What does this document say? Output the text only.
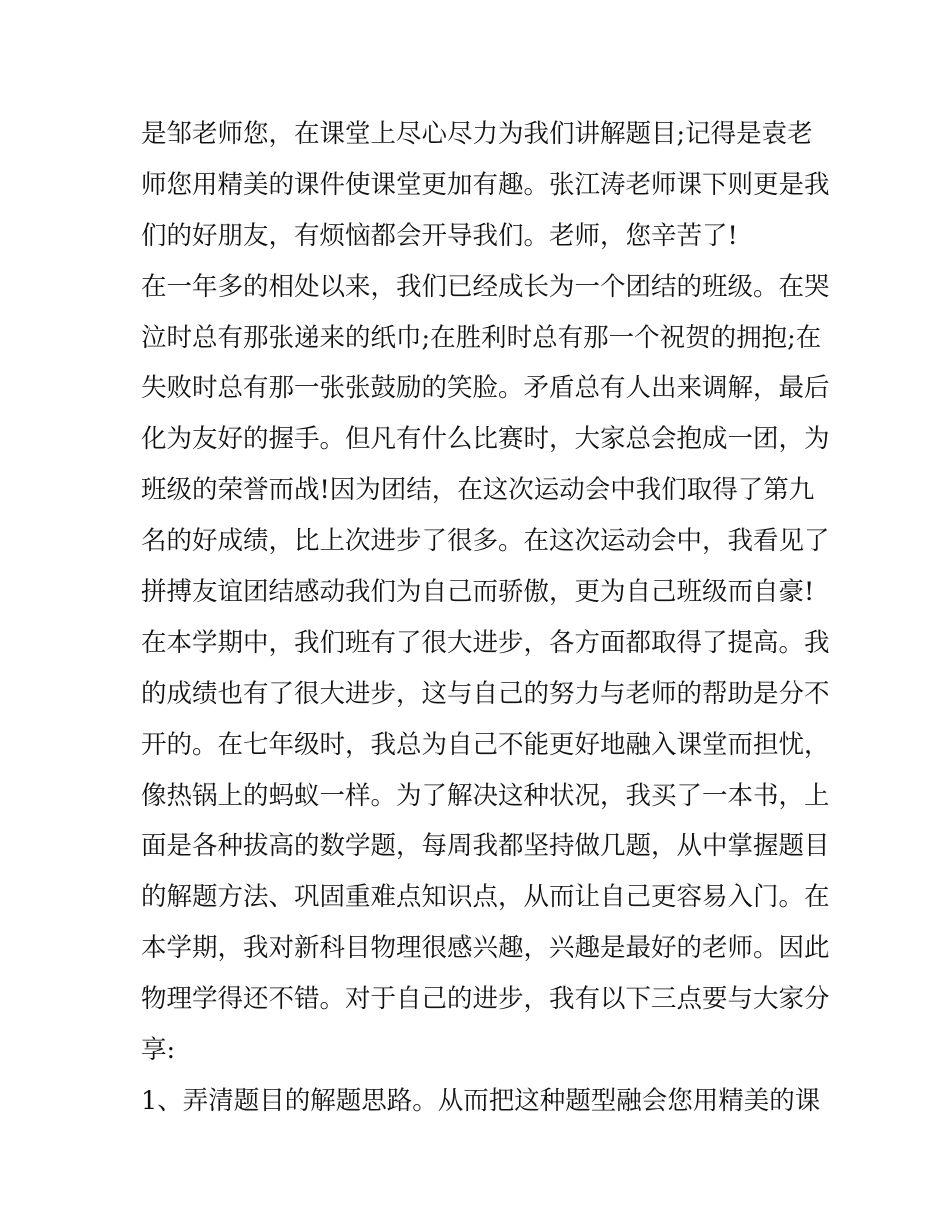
是邹老师您，在课堂上尽心尽力为我们讲解题目;记得是袁老
师您用精美的课件使课堂更加有趣。张江涛老师课下则更是我
们的好朋友，有烦恼都会开导我们。老师，您辛苦了!
在一年多的相处以来，我们已经成长为一个团结的班级。在哭
泣时总有那张递来的纸巾;在胜利时总有那一个祝贺的拥抱;在
失败时总有那一张张鼓励的笑脸。矛盾总有人出来调解，最后
化为友好的握手。但凡有什么比赛时，大家总会抱成一团，为
班级的荣誉而战!因为团结，在这次运动会中我们取得了第九
名的好成绩，比上次进步了很多。在这次运动会中，我看见了
拼搏友谊团结感动我们为自己而骄傲，更为自己班级而自豪!
在本学期中，我们班有了很大进步，各方面都取得了提高。我
的成绩也有了很大进步，这与自己的努力与老师的帮助是分不
开的。在七年级时，我总为自己不能更好地融入课堂而担忧，
像热锅上的蚂蚁一样。为了解决这种状况，我买了一本书，上
面是各种拔高的数学题，每周我都坚持做几题，从中掌握题目
的解题方法、巩固重难点知识点，从而让自己更容易入门。在
本学期，我对新科目物理很感兴趣，兴趣是最好的老师。因此
物理学得还不错。对于自己的进步，我有以下三点要与大家分
享:
1、弄清题目的解题思路。从而把这种题型融会您用精美的课
